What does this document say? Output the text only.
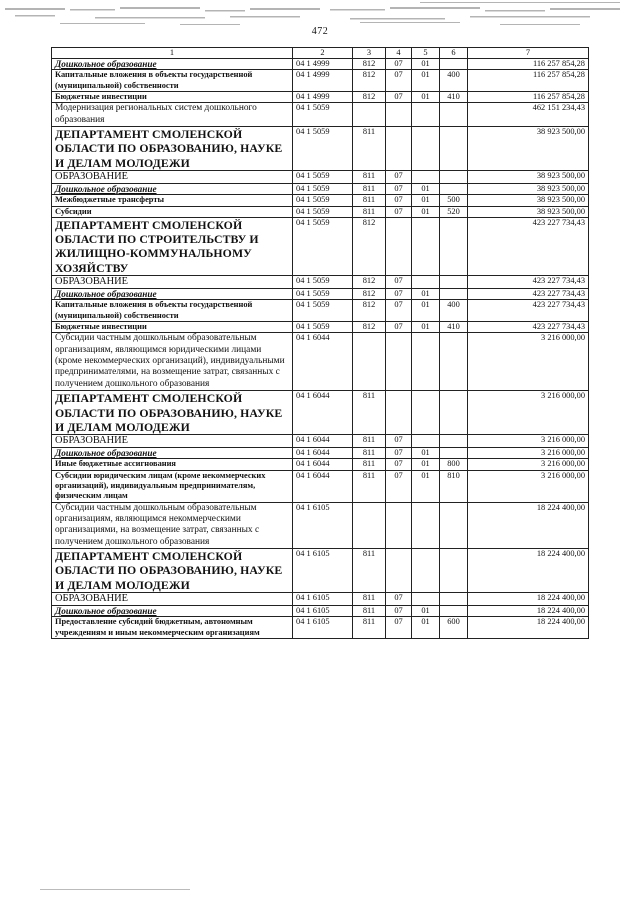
472
1	2	3	4	5	6	7
Дошкольное образование	04 1 4999	812	07	01		116 257 854,28
Капитальные вложения в объекты государственной (муниципальной) собственности	04 1 4999	812	07	01	400	116 257 854,28
Бюджетные инвестиции	04 1 4999	812	07	01	410	116 257 854,28
Модернизация региональных систем дошкольного образования	04 1 5059					462 151 234,43
ДЕПАРТАМЕНТ СМОЛЕНСКОЙ ОБЛАСТИ ПО ОБРАЗОВАНИЮ, НАУКЕ И ДЕЛАМ МОЛОДЕЖИ	04 1 5059	811				38 923 500,00
ОБРАЗОВАНИЕ	04 1 5059	811	07			38 923 500,00
Дошкольное образование	04 1 5059	811	07	01		38 923 500,00
Межбюджетные трансферты	04 1 5059	811	07	01	500	38 923 500,00
Субсидии	04 1 5059	811	07	01	520	38 923 500,00
ДЕПАРТАМЕНТ СМОЛЕНСКОЙ ОБЛАСТИ ПО СТРОИТЕЛЬСТВУ И ЖИЛИЩНО-КОММУНАЛЬНОМУ ХОЗЯЙСТВУ	04 1 5059	812				423 227 734,43
ОБРАЗОВАНИЕ	04 1 5059	812	07			423 227 734,43
Дошкольное образование	04 1 5059	812	07	01		423 227 734,43
Капитальные вложения в объекты государственной (муниципальной) собственности	04 1 5059	812	07	01	400	423 227 734,43
Бюджетные инвестиции	04 1 5059	812	07	01	410	423 227 734,43
Субсидии частным дошкольным образовательным организациям, являющимся юридическими лицами (кроме некоммерческих организаций), индивидуальными предпринимателями, на возмещение затрат, связанных с получением дошкольного образования	04 1 6044					3 216 000,00
ДЕПАРТАМЕНТ СМОЛЕНСКОЙ ОБЛАСТИ ПО ОБРАЗОВАНИЮ, НАУКЕ И ДЕЛАМ МОЛОДЕЖИ	04 1 6044	811				3 216 000,00
ОБРАЗОВАНИЕ	04 1 6044	811	07			3 216 000,00
Дошкольное образование	04 1 6044	811	07	01		3 216 000,00
Иные бюджетные ассигнования	04 1 6044	811	07	01	800	3 216 000,00
Субсидии юридическим лицам (кроме некоммерческих организаций), индивидуальным предпринимателям, физическим лицам	04 1 6044	811	07	01	810	3 216 000,00
Субсидии частным дошкольным образовательным организациям, являющимся некоммерческими организациями, на возмещение затрат, связанных с получением дошкольного образования	04 1 6105					18 224 400,00
ДЕПАРТАМЕНТ СМОЛЕНСКОЙ ОБЛАСТИ ПО ОБРАЗОВАНИЮ, НАУКЕ И ДЕЛАМ МОЛОДЕЖИ	04 1 6105	811				18 224 400,00
ОБРАЗОВАНИЕ	04 1 6105	811	07			18 224 400,00
Дошкольное образование	04 1 6105	811	07	01		18 224 400,00
Предоставление субсидий бюджетным, автономным учреждениям и иным некоммерческим организациям	04 1 6105	811	07	01	600	18 224 400,00
